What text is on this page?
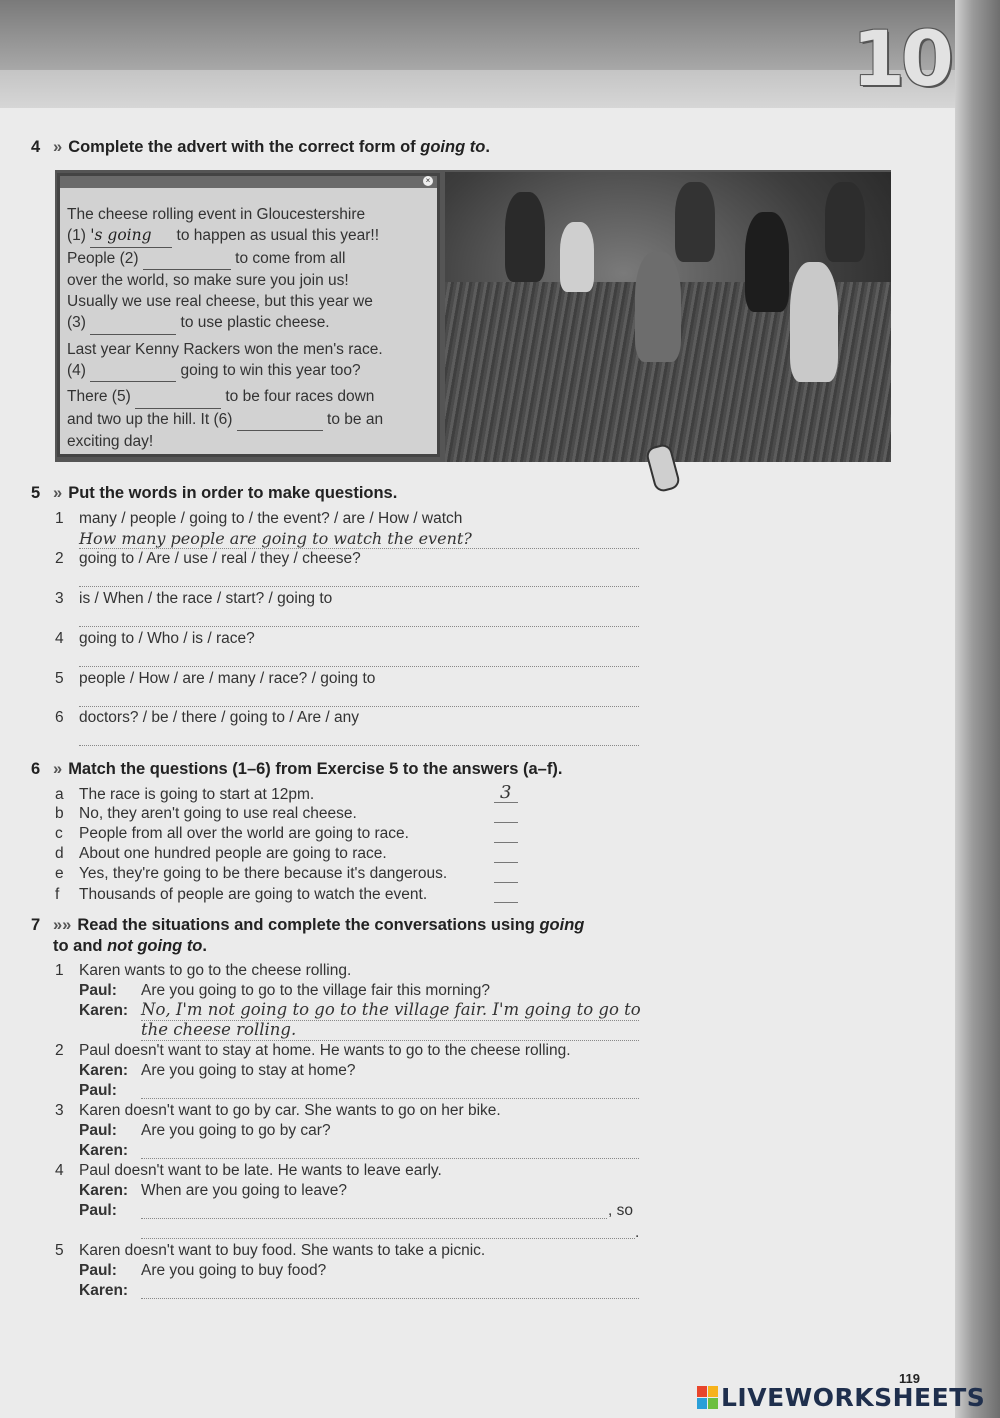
10
4 » Complete the advert with the correct form of going to.
×

The cheese rolling event in Gloucestershire
(1) 's going to happen as usual this year!!
People (2)	to come from all
over the world, so make sure you join us!
Usually we use real cheese, but this year we
(3)	to use plastic cheese.

Last year Kenny Rackers won the men's race.
(4)	going to win this year too?

There (5)	to be four races down
and two up the hill. It (6)	to be an
exciting day!

5 » Put the words in order to make questions.
1 many / people / going to / the event? / are / How / watch
How many people are going to watch the event?
2 going to / Are / use / real / they / cheese?
3 is / When / the race / start? / going to
4 going to / Who / is / race?
5 people / How / are / many / race? / going to
6 doctors? / be / there / going to / Are / any
6 » Match the questions (1–6) from Exercise 5 to the answers (a–f).
a The race is going to start at 12pm.	3
b No, they aren't going to use real cheese.
c People from all over the world are going to race.
d About one hundred people are going to race.
e Yes, they're going to be there because it's dangerous.
f Thousands of people are going to watch the event.
7 »» Read the situations and complete the conversations using going
to and not going to.
1 Karen wants to go to the cheese rolling.
Paul: Are you going to go to the village fair this morning?
Karen: No, I'm not going to go to the village fair. I'm going to go to
the cheese rolling.
2 Paul doesn't want to stay at home. He wants to go to the cheese rolling.
Karen: Are you going to stay at home?
Paul:
3 Karen doesn't want to go by car. She wants to go on her bike.
Paul: Are you going to go by car?
Karen:
4 Paul doesn't want to be late. He wants to leave early.
Karen: When are you going to leave?
Paul:	, so
.
5 Karen doesn't want to buy food. She wants to take a picnic.
Paul: Are you going to buy food?
Karen:
119
LIVEWORKSHEETS
